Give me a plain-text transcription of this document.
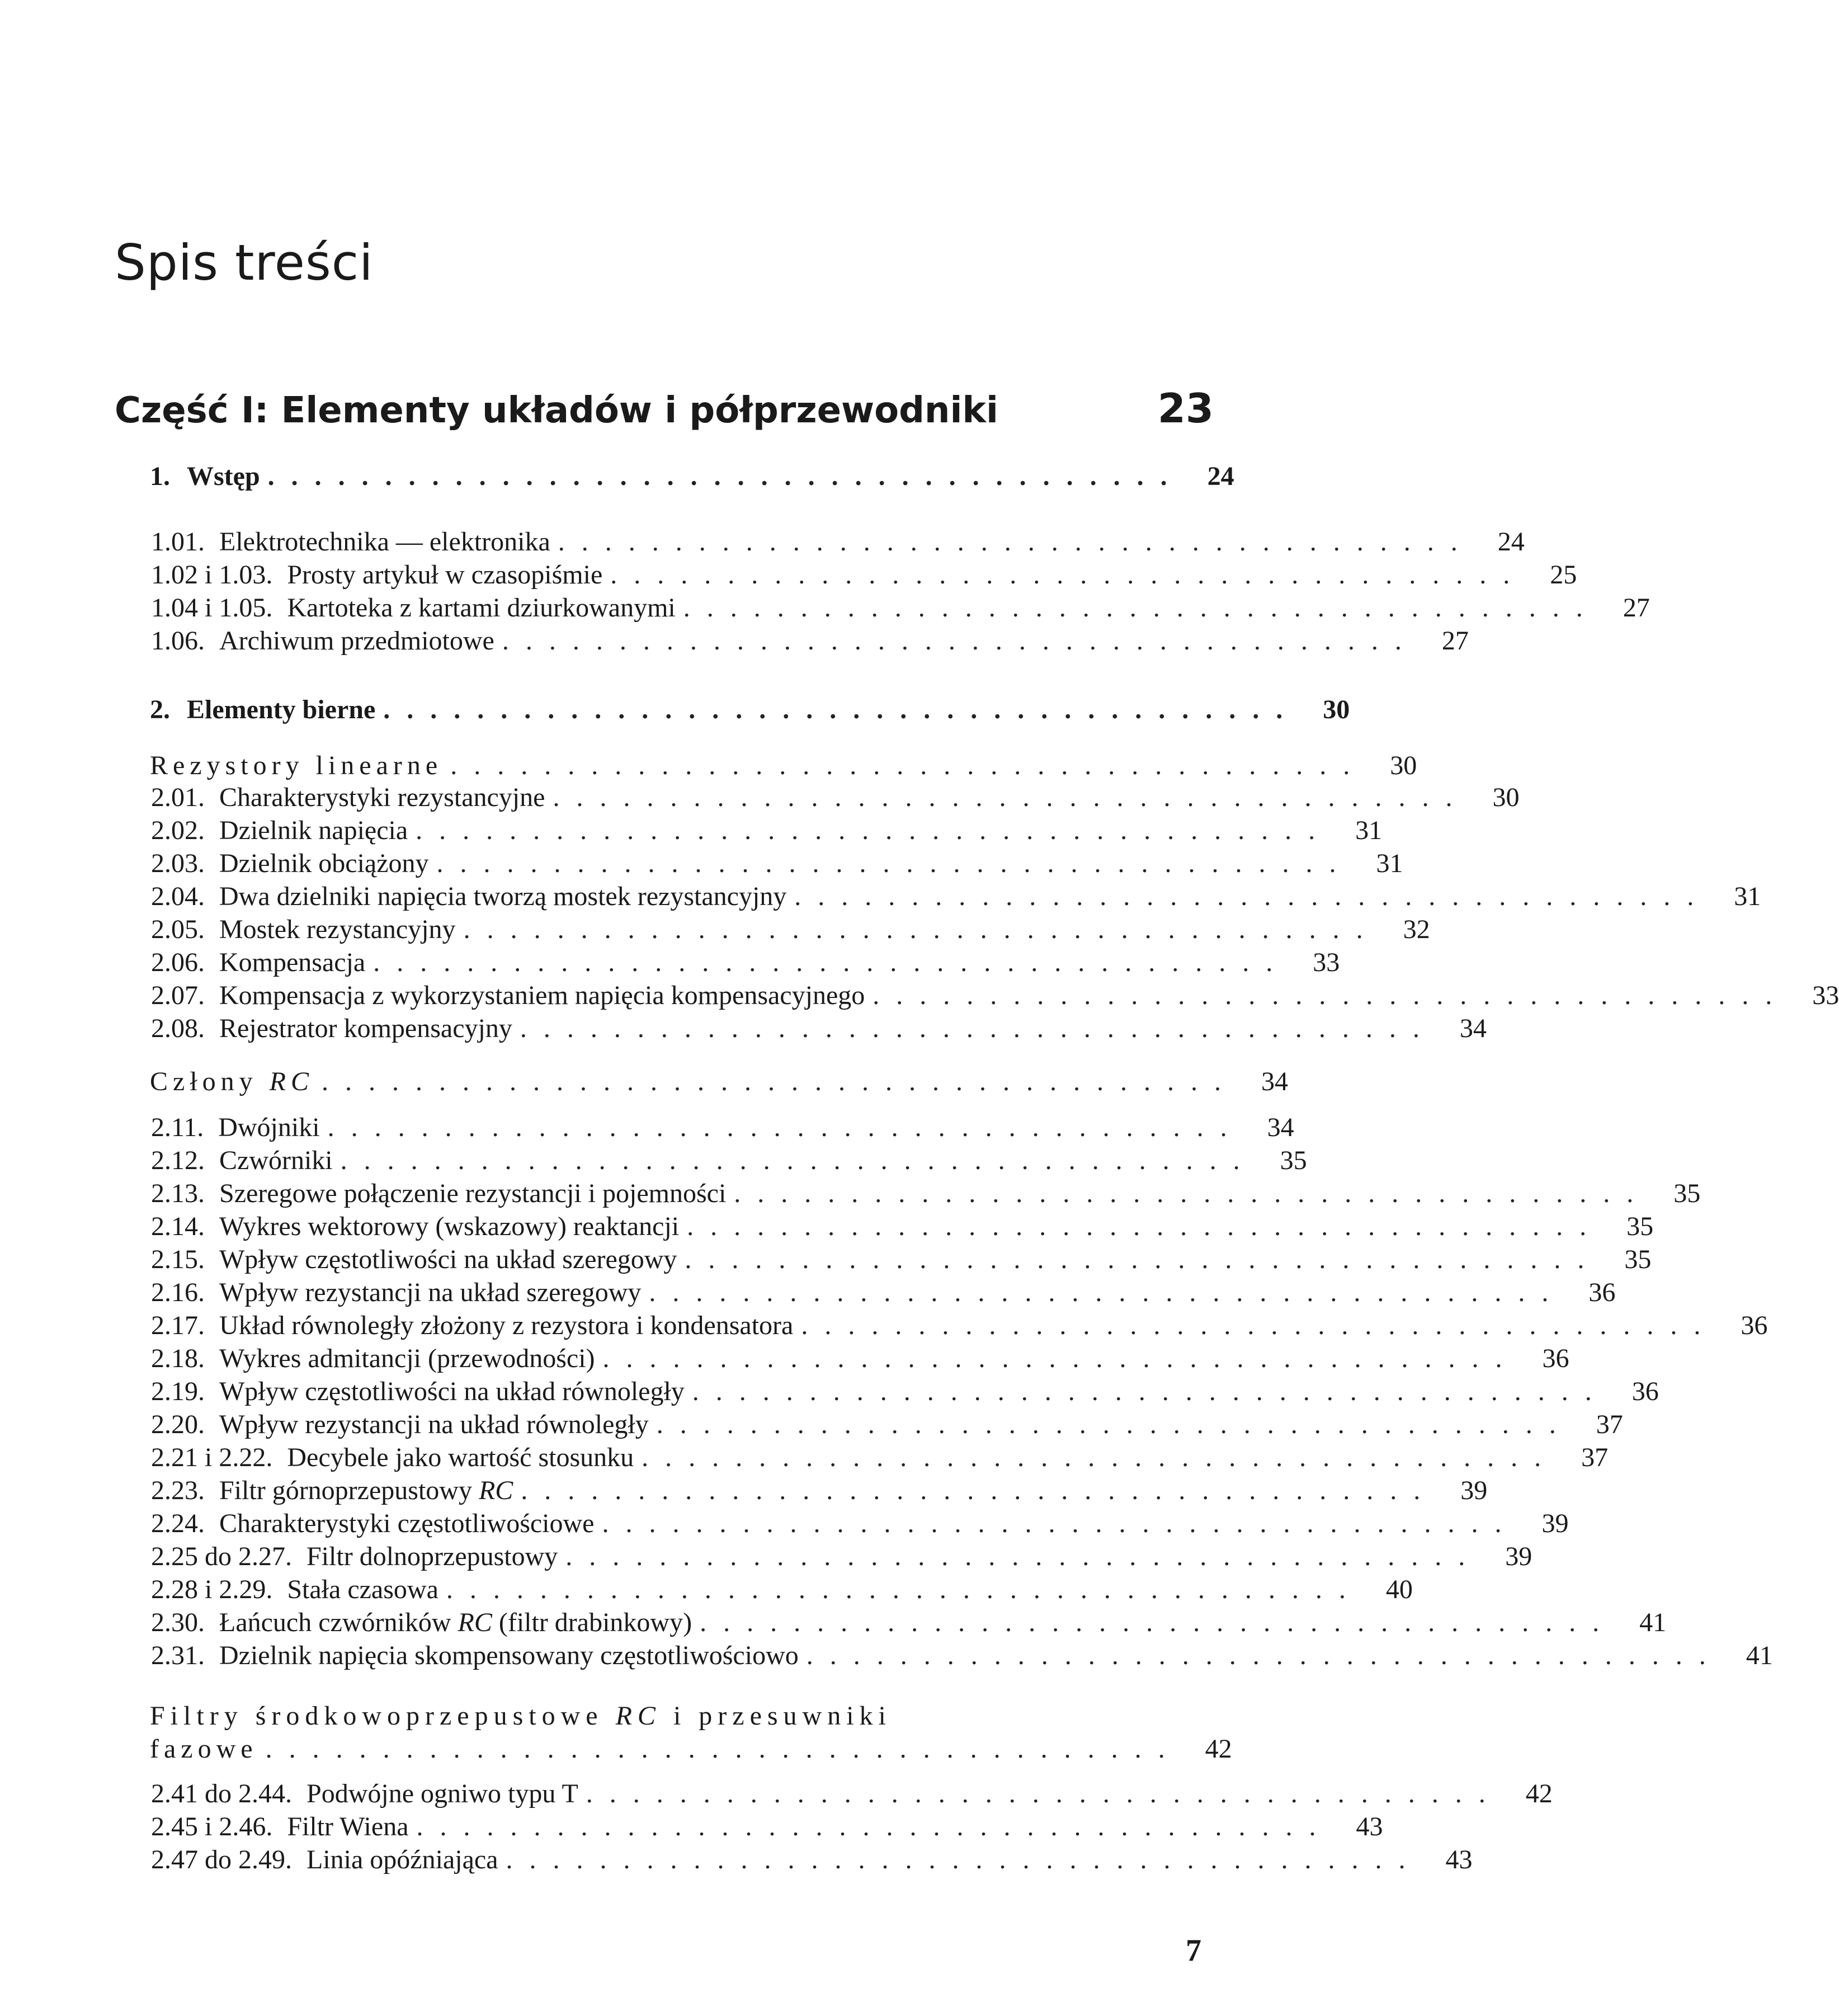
Spis treści
Część I: Elementy układów i półprzewodniki	23
1. Wstęp ....................................... 24
1.01. Elektrotechnika — elektronika ....................................... 24
1.02 i 1.03. Prosty artykuł w czasopiśmie ....................................... 25
1.04 i 1.05. Kartoteka z kartami dziurkowanymi ....................................... 27
1.06. Archiwum przedmiotowe ....................................... 27
2. Elementy bierne ....................................... 30
Rezystory linearne ....................................... 30
2.01. Charakterystyki rezystancyjne ....................................... 30
2.02. Dzielnik napięcia ....................................... 31
2.03. Dzielnik obciążony ....................................... 31
2.04. Dwa dzielniki napięcia tworzą mostek rezystancyjny ....................................... 31
2.05. Mostek rezystancyjny ....................................... 32
2.06. Kompensacja ....................................... 33
2.07. Kompensacja z wykorzystaniem napięcia kompensacyjnego ....................................... 33
2.08. Rejestrator kompensacyjny ....................................... 34
Człony RC ....................................... 34
2.11. Dwójniki ....................................... 34
2.12. Czwórniki ....................................... 35
2.13. Szeregowe połączenie rezystancji i pojemności ....................................... 35
2.14. Wykres wektorowy (wskazowy) reaktancji ....................................... 35
2.15. Wpływ częstotliwości na układ szeregowy ....................................... 35
2.16. Wpływ rezystancji na układ szeregowy ....................................... 36
2.17. Układ równoległy złożony z rezystora i kondensatora ....................................... 36
2.18. Wykres admitancji (przewodności) ....................................... 36
2.19. Wpływ częstotliwości na układ równoległy ....................................... 36
2.20. Wpływ rezystancji na układ równoległy ....................................... 37
2.21 i 2.22. Decybele jako wartość stosunku ....................................... 37
2.23. Filtr górnoprzepustowy RC ....................................... 39
2.24. Charakterystyki częstotliwościowe ....................................... 39
2.25 do 2.27. Filtr dolnoprzepustowy ....................................... 39
2.28 i 2.29. Stała czasowa ....................................... 40
2.30. Łańcuch czwórników RC (filtr drabinkowy) ....................................... 41
2.31. Dzielnik napięcia skompensowany częstotliwościowo ....................................... 41
Filtry środkowoprzepustowe RC i przesuwniki
fazowe ....................................... 42
2.41 do 2.44. Podwójne ogniwo typu T ....................................... 42
2.45 i 2.46. Filtr Wiena ....................................... 43
2.47 do 2.49. Linia opóźniająca ....................................... 43
7
